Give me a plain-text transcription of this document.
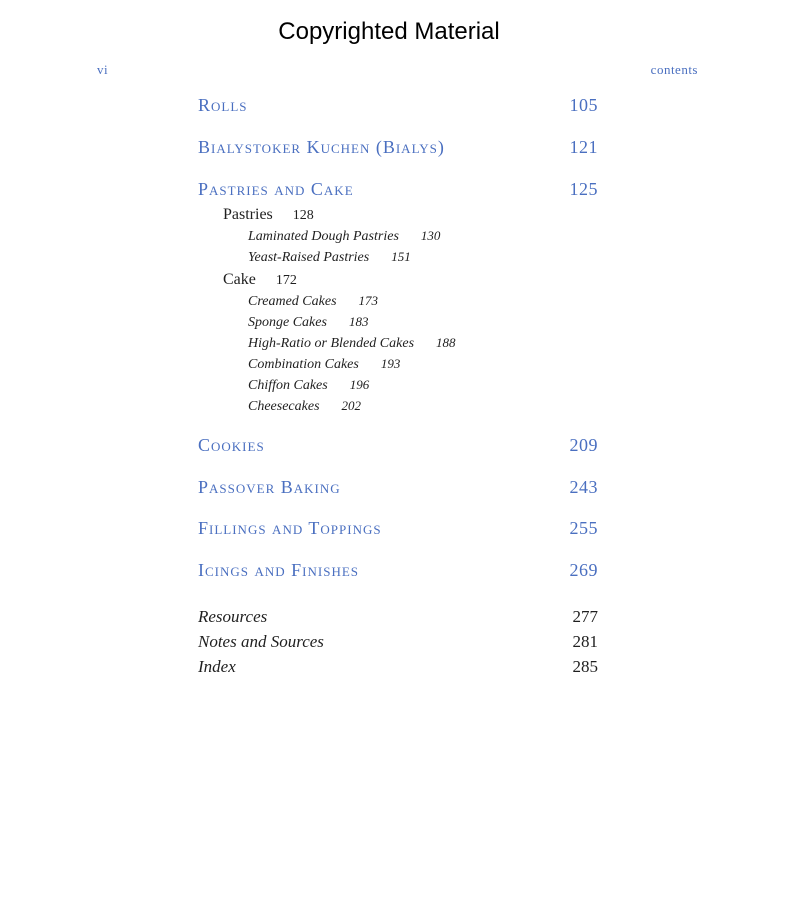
Copyrighted Material
vi	contents
Rolls	105
Bialystoker Kuchen (Bialys)	121
Pastries and Cake	125
Pastries 128
Laminated Dough Pastries 130
Yeast-Raised Pastries 151
Cake 172
Creamed Cakes 173
Sponge Cakes 183
High-Ratio or Blended Cakes 188
Combination Cakes 193
Chiffon Cakes 196
Cheesecakes 202
Cookies	209
Passover Baking	243
Fillings and Toppings	255
Icings and Finishes	269
Resources	277
Notes and Sources	281
Index	285
